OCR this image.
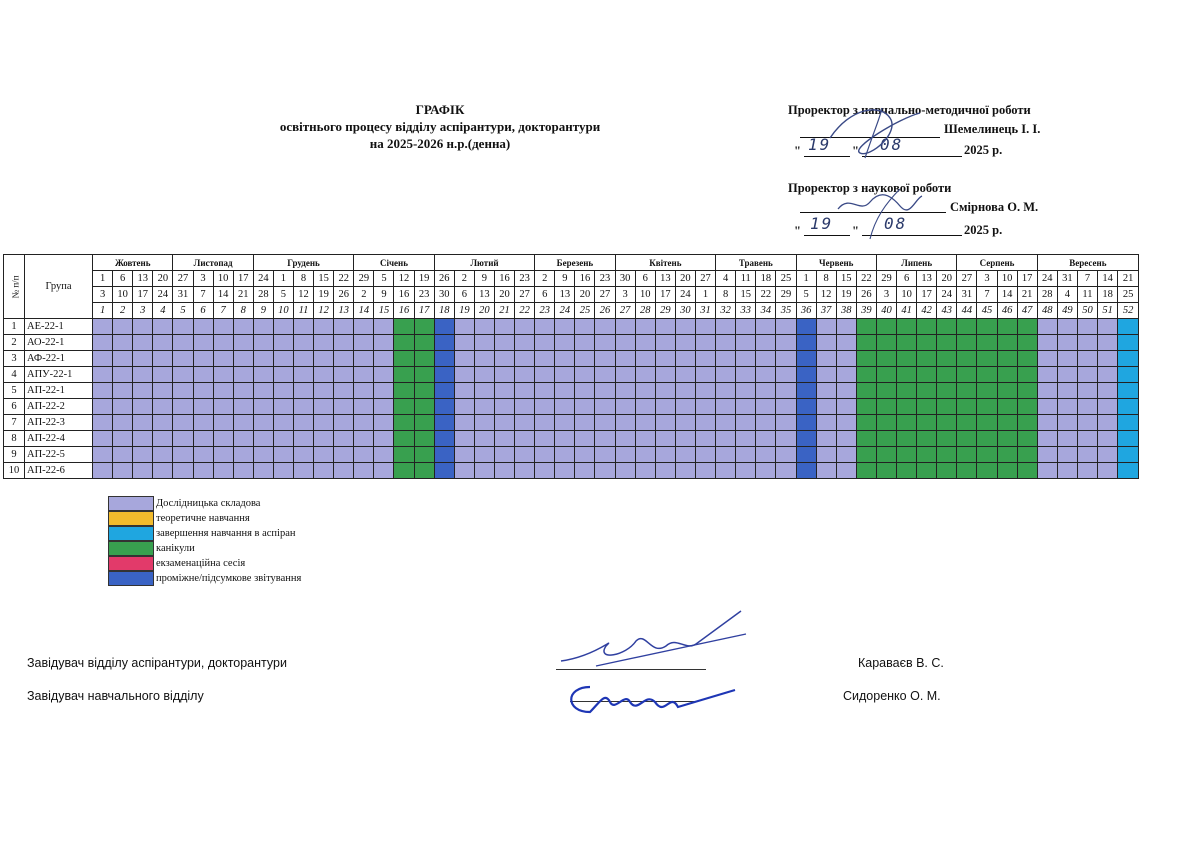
ГРАФІК
освітнього процесу відділу аспірантури, докторантури
на 2025-2026 н.р.(денна)
Проректор з навчально-методичної роботи
Шемелинець І. І.
" 19 " 08	2025 р.
Проректор з наукової роботи
Смірнова О. М.
" 19 " 08	2025 р.
№ п/п	Група	Жовтень				Листопад				Грудень					Січень				Лютий					Березень				Квітень					Травень				Червень				Липень				Серпень				Вересень				
		1	6	13	20	27	3	10	17	24	1	8	15	22	29	5	12	19	26	2	9	16	23	2	9	16	23	30	6	13	20	27	4	11	18	25	1	8	15	22	29	6	13	20	27	3	10	17	24	31	7	14	21
		3	10	17	24	31	7	14	21	28	5	12	19	26	2	9	16	23	30	6	13	20	27	6	13	20	27	3	10	17	24	1	8	15	22	29	5	12	19	26	3	10	17	24	31	7	14	21	28	4	11	18	25
		1	2	3	4	5	6	7	8	9	10	11	12	13	14	15	16	17	18	19	20	21	22	23	24	25	26	27	28	29	30	31	32	33	34	35	36	37	38	39	40	41	42	43	44	45	46	47	48	49	50	51	52
1	АЕ-22-1																																																				
2	АО-22-1																																																				
3	АФ-22-1																																																				
4	АПУ-22-1																																																				
5	АП-22-1																																																				
6	АП-22-2																																																				
7	АП-22-3																																																				
8	АП-22-4																																																				
9	АП-22-5																																																				
10	АП-22-6																																																				
Дослідницька складова
теоретичне навчання
завершення навчання в аспіран
канікули
екзаменаційна сесія
проміжне/підсумкове звітування
Завідувач відділу аспірантури, докторантури	Караваєв В. С.
Завідувач навчального відділу	Сидоренко О. М.
